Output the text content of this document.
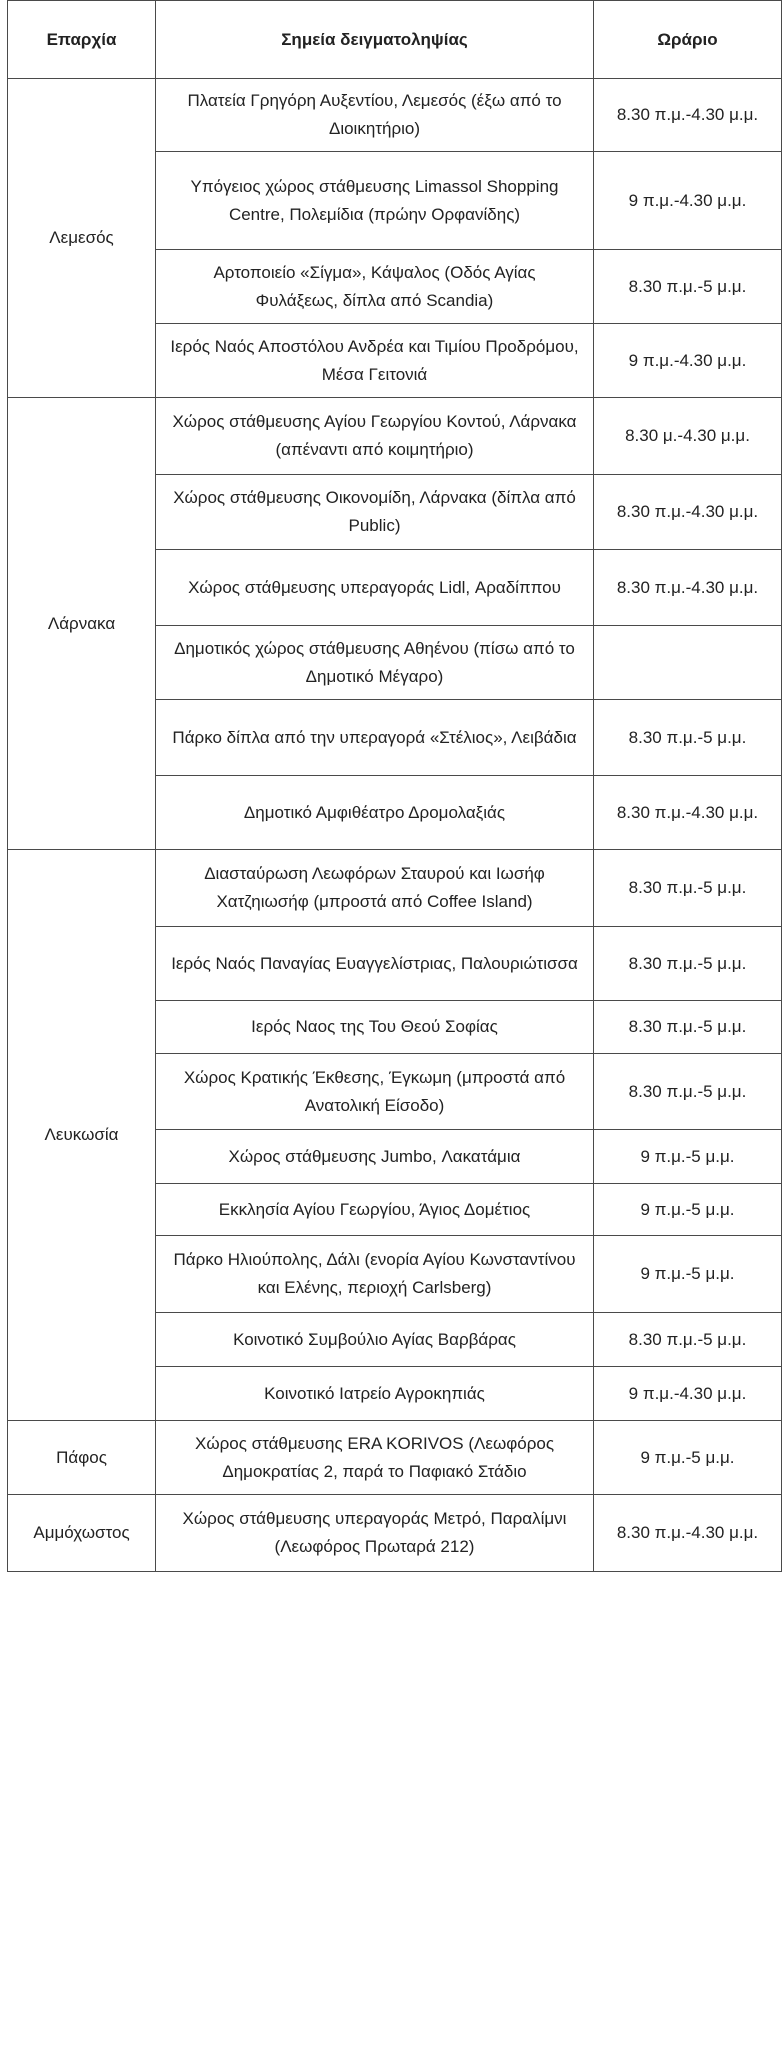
Επαρχία	Σημεία δειγματοληψίας	Ωράριο
Λεμεσός	Πλατεία Γρηγόρη Αυξεντίου, Λεμεσός (έξω από το Διοικητήριο)	8.30 π.μ.-4.30 μ.μ.
	Υπόγειος χώρος στάθμευσης Limassol Shopping Centre, Πολεμίδια (πρώην Ορφανίδης)	9 π.μ.-4.30 μ.μ.
	Αρτοποιείο «Σίγμα», Κάψαλος (Οδός Αγίας Φυλάξεως, δίπλα από Scandia)	8.30 π.μ.-5 μ.μ.
	Ιερός Ναός Αποστόλου Ανδρέα και Τιμίου Προδρόμου, Μέσα Γειτονιά	9 π.μ.-4.30 μ.μ.
Λάρνακα	Χώρος στάθμευσης Αγίου Γεωργίου Κοντού, Λάρνακα (απέναντι από κοιμητήριο)	8.30 μ.-4.30 μ.μ.
	Χώρος στάθμευσης Οικονομίδη, Λάρνακα (δίπλα από Public)	8.30 π.μ.-4.30 μ.μ.
	Χώρος στάθμευσης υπεραγοράς Lidl, Αραδίππου	8.30 π.μ.-4.30 μ.μ.
	Δημοτικός χώρος στάθμευσης Αθηένου (πίσω από το Δημοτικό Μέγαρο)	
	Πάρκο δίπλα από την υπεραγορά «Στέλιος», Λειβάδια	8.30 π.μ.-5 μ.μ.
	Δημοτικό Αμφιθέατρο Δρομολαξιάς	8.30 π.μ.-4.30 μ.μ.
Λευκωσία	Διασταύρωση Λεωφόρων Σταυρού και Ιωσήφ Χατζηιωσήφ (μπροστά από Coffee Island)	8.30 π.μ.-5 μ.μ.
	Ιερός Ναός Παναγίας Ευαγγελίστριας, Παλουριώτισσα	8.30 π.μ.-5 μ.μ.
	Ιερός Ναος της Του Θεού Σοφίας	8.30 π.μ.-5 μ.μ.
	Χώρος Κρατικής Έκθεσης, Έγκωμη (μπροστά από Ανατολική Είσοδο)	8.30 π.μ.-5 μ.μ.
	Χώρος στάθμευσης Jumbo, Λακατάμια	9 π.μ.-5 μ.μ.
	Εκκλησία Αγίου Γεωργίου, Άγιος Δομέτιος	9 π.μ.-5 μ.μ.
	Πάρκο Ηλιούπολης, Δάλι (ενορία Αγίου Κωνσταντίνου και Ελένης, περιοχή Carlsberg)	9 π.μ.-5 μ.μ.
	Κοινοτικό Συμβούλιο Αγίας Βαρβάρας	8.30 π.μ.-5 μ.μ.
	Κοινοτικό Ιατρείο Αγροκηπιάς	9 π.μ.-4.30 μ.μ.
Πάφος	Χώρος στάθμευσης ERA KORIVOS (Λεωφόρος Δημοκρατίας 2, παρά το Παφιακό Στάδιο	9 π.μ.-5 μ.μ.
Αμμόχωστος	Χώρος στάθμευσης υπεραγοράς Μετρό, Παραλίμνι (Λεωφόρος Πρωταρά 212)	8.30 π.μ.-4.30 μ.μ.
